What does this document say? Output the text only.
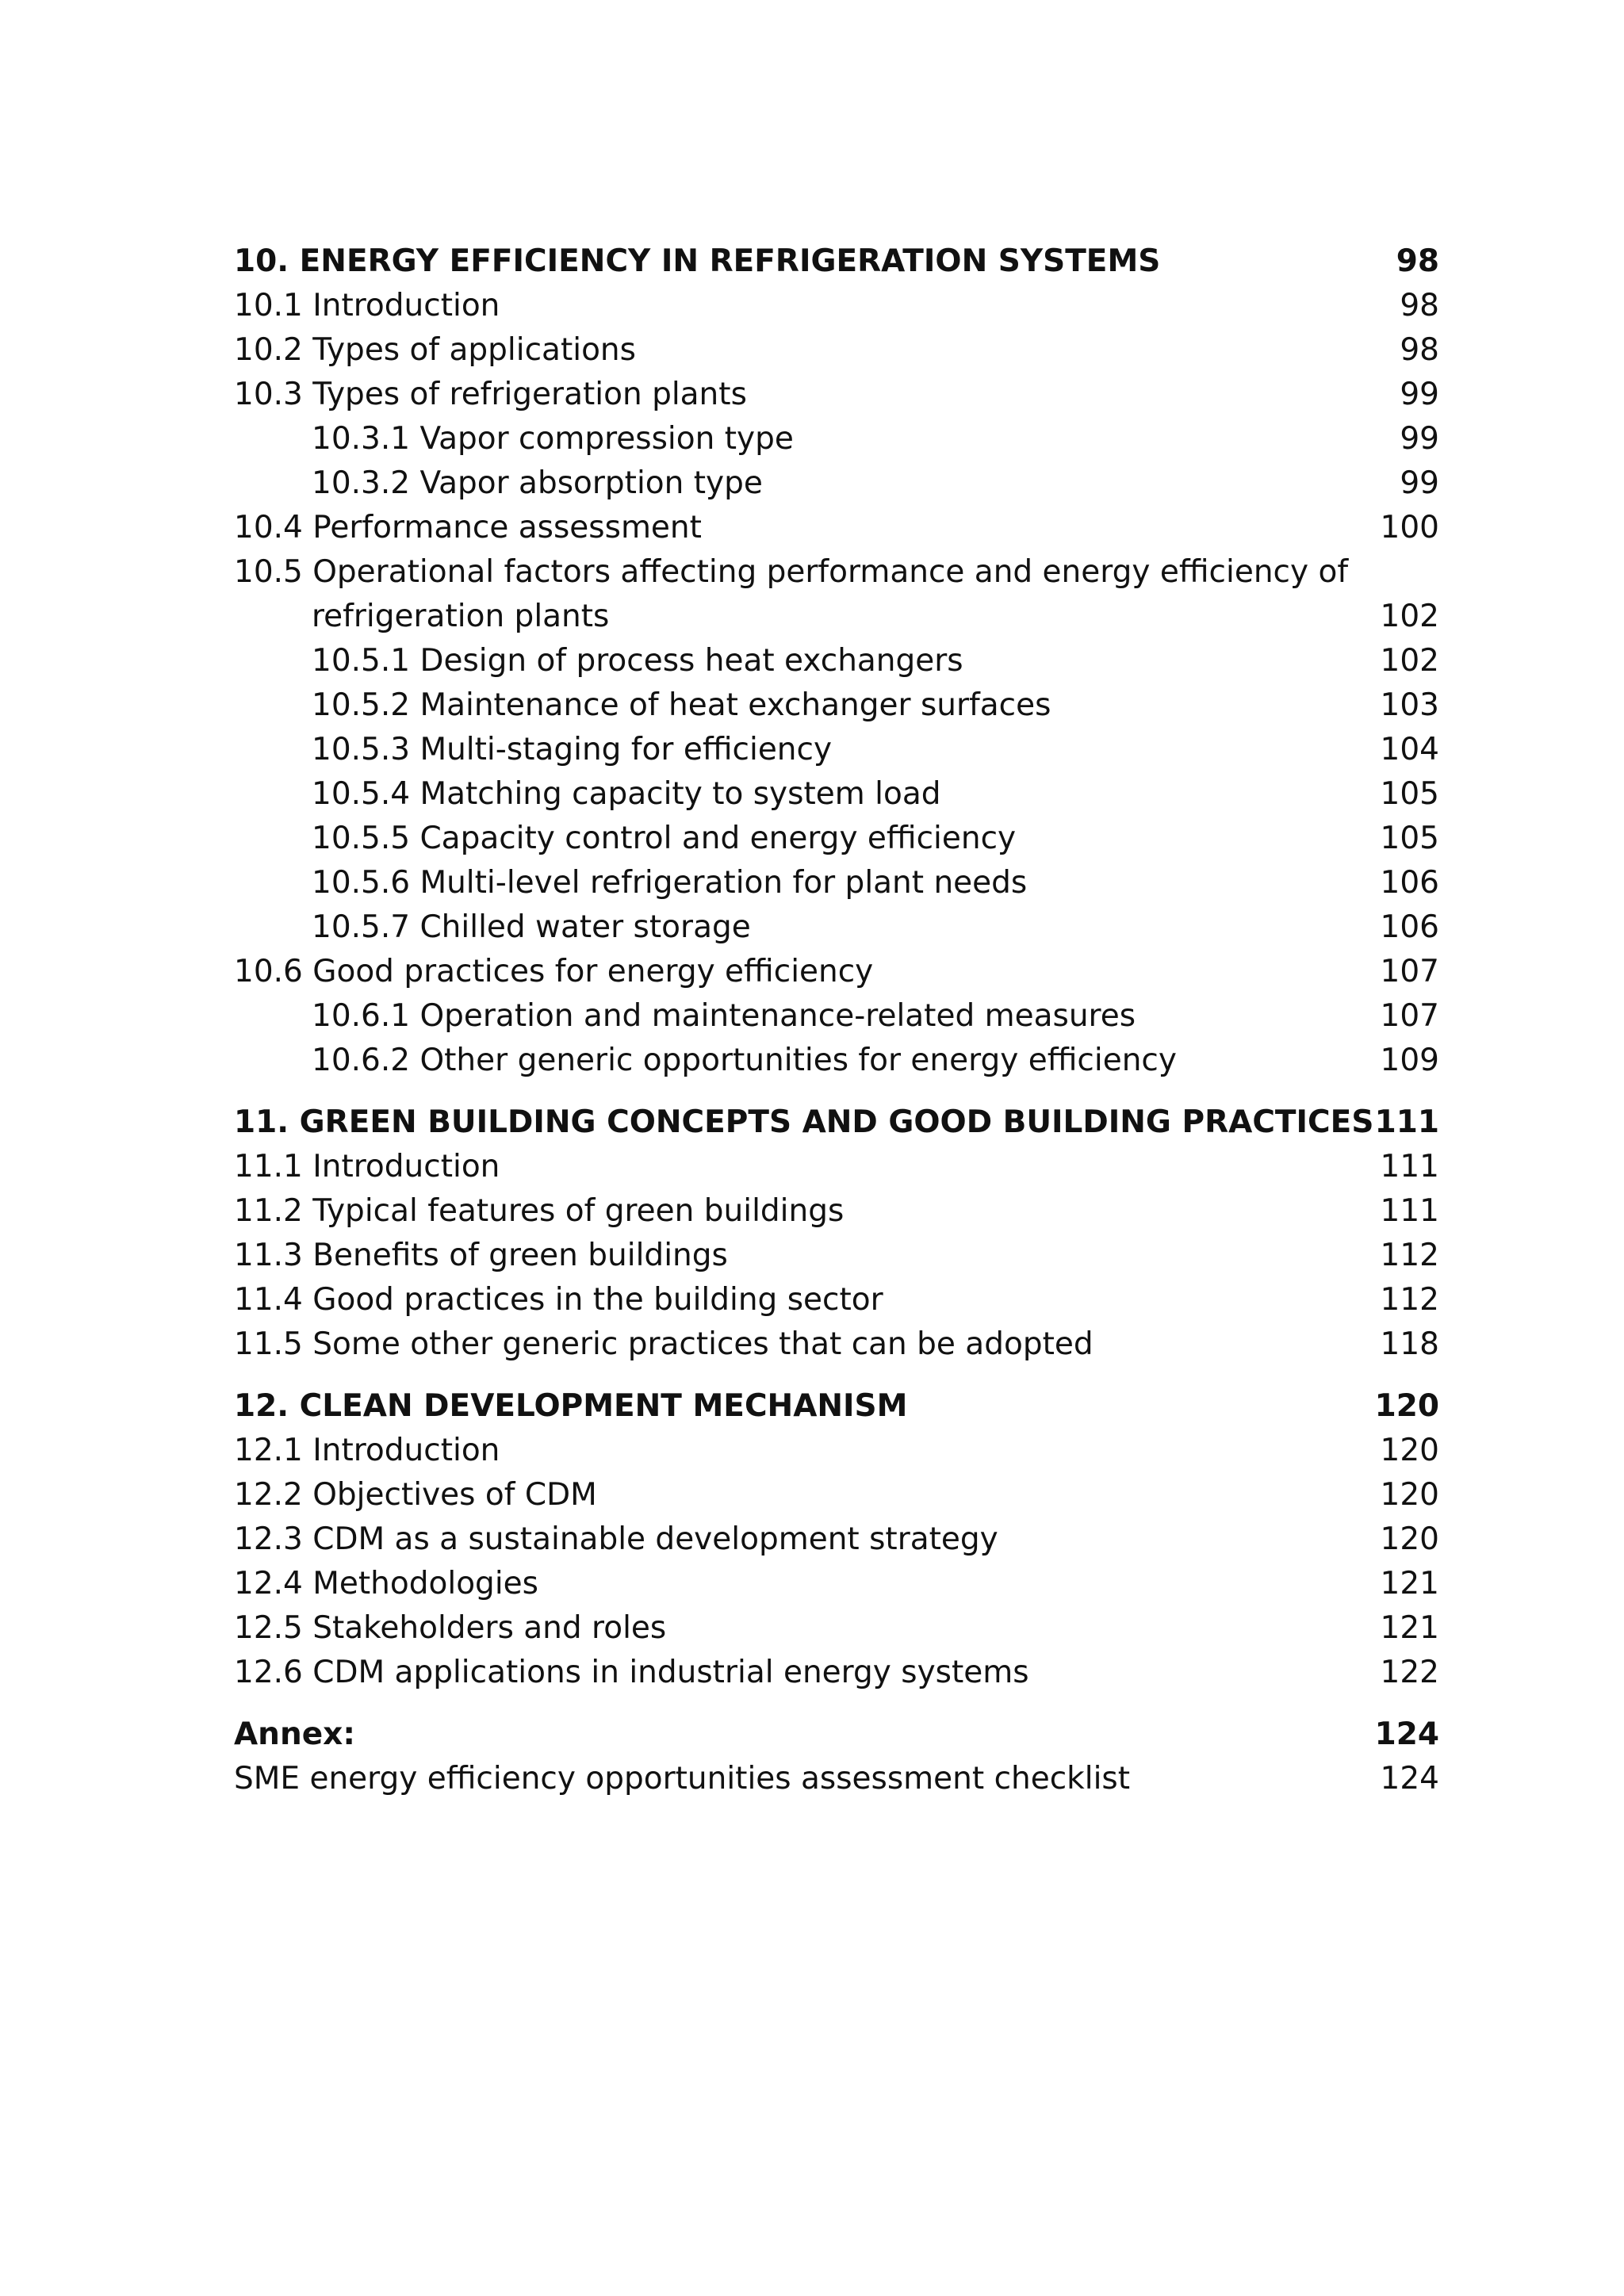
10. ENERGY EFFICIENCY IN REFRIGERATION SYSTEMS	98
10.1 Introduction	98
10.2 Types of applications	98
10.3 Types of refrigeration plants	99
10.3.1 Vapor compression type	99
10.3.2 Vapor absorption type	99
10.4 Performance assessment	100
10.5 Operational factors affecting performance and energy efficiency of
refrigeration plants	102
10.5.1 Design of process heat exchangers	102
10.5.2 Maintenance of heat exchanger surfaces	103
10.5.3 Multi-staging for efficiency	104
10.5.4 Matching capacity to system load	105
10.5.5 Capacity control and energy efficiency	105
10.5.6 Multi-level refrigeration for plant needs	106
10.5.7 Chilled water storage	106
10.6 Good practices for energy efficiency	107
10.6.1 Operation and maintenance-related measures	107
10.6.2 Other generic opportunities for energy efficiency	109
11. GREEN BUILDING CONCEPTS AND GOOD BUILDING PRACTICES 111
11.1 Introduction	111
11.2 Typical features of green buildings	111
11.3 Benefits of green buildings	112
11.4 Good practices in the building sector	112
11.5 Some other generic practices that can be adopted	118
12. CLEAN DEVELOPMENT MECHANISM	120
12.1 Introduction	120
12.2 Objectives of CDM	120
12.3 CDM as a sustainable development strategy	120
12.4 Methodologies	121
12.5 Stakeholders and roles	121
12.6 CDM applications in industrial energy systems	122
Annex:	124
SME energy efficiency opportunities assessment checklist	124
